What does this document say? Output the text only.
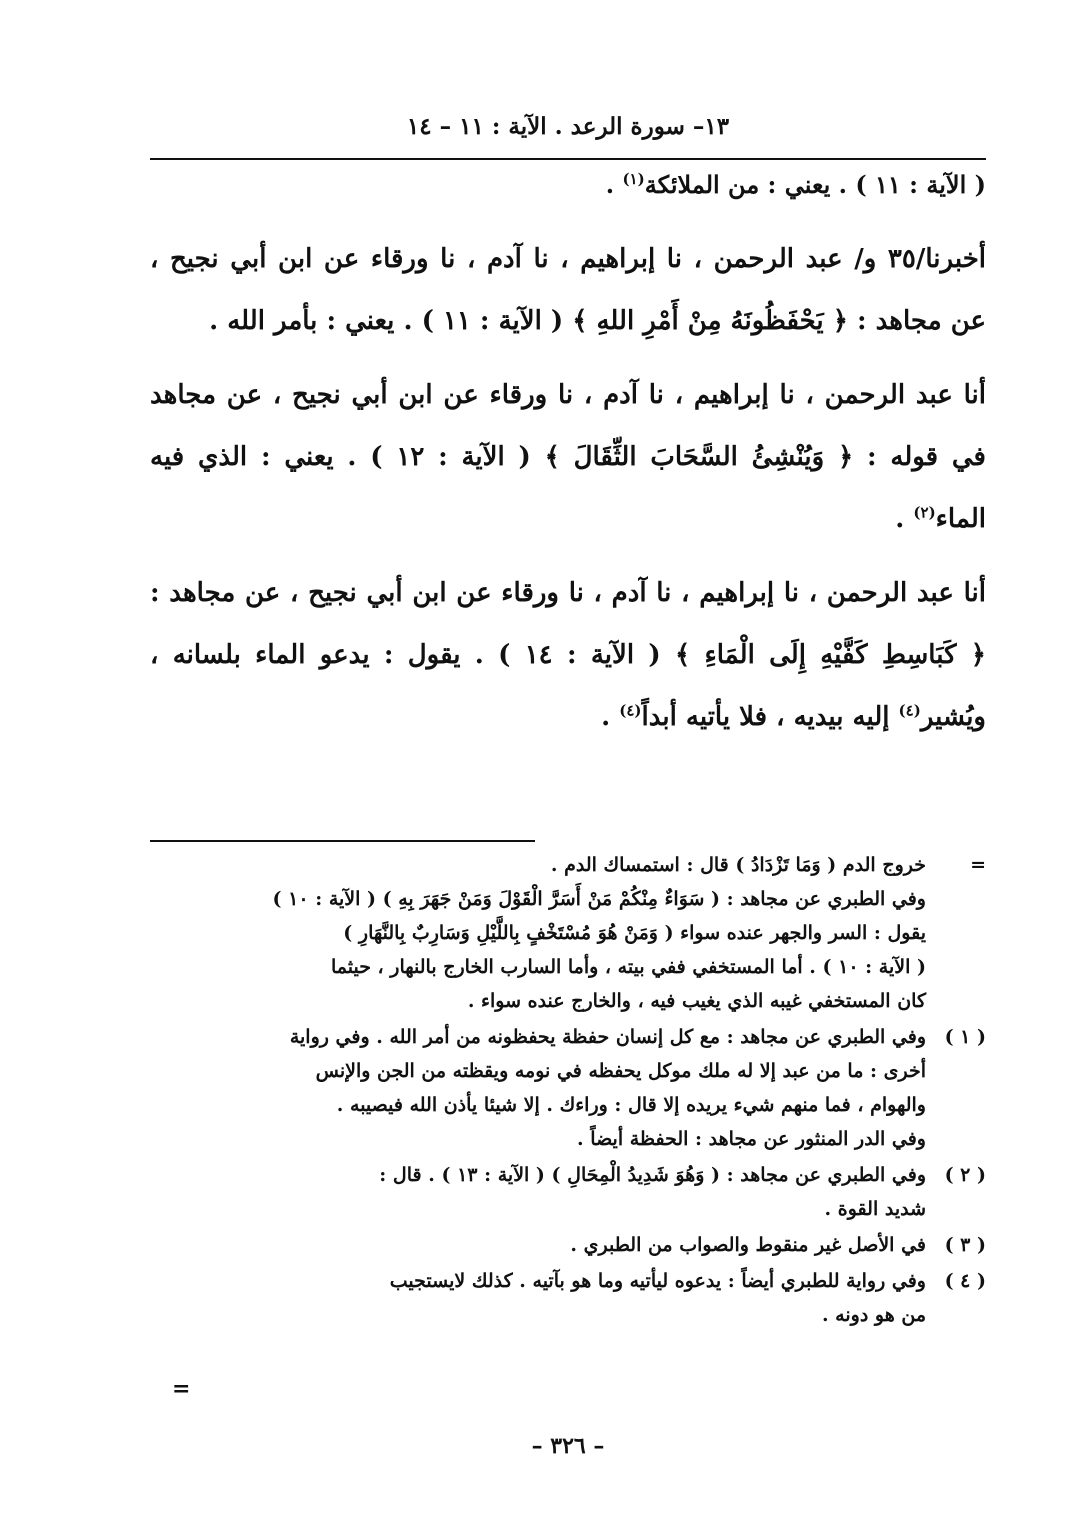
١٣– سورة الرعد . الآية : ١١ – ١٤
( الآية : ١١ ) . يعني : من الملائكة$^{(١)}$ .

أخبرنا/٣٥ و/ عبد الرحمن ، نا إبراهيم ، نا آدم ، نا ورقاء عن ابن أبي نجيح ، عن مجاهد : ﴿ يَحْفَظُونَهُ مِنْ أَمْرِ اللهِ ﴾ ( الآية : ١١ ) . يعني : بأمر الله .

أنا عبد الرحمن ، نا إبراهيم ، نا آدم ، نا ورقاء عن ابن أبي نجيح ، عن مجاهد في قوله : ﴿ وَيُنْشِئُ السَّحَابَ الثِّقَالَ ﴾ ( الآية : ١٢ ) . يعني : الذي فيه الماء$^{(٢)}$ .

أنا عبد الرحمن ، نا إبراهيم ، نا آدم ، نا ورقاء عن ابن أبي نجيح ، عن مجاهد : ﴿ كَبَاسِطِ كَفَّيْهِ إِلَى الْمَاءِ ﴾ ( الآية : ١٤ ) . يقول : يدعو الماء بلسانه ، ويُشير$^{(٤)}$ إليه بيديه ، فلا يأتيه أبداً$^{(٤)}$ .

=
خروج الدم ( وَمَا تَزْدَادُ ) قال : استمساك الدم .
وفي الطبري عن مجاهد : ( سَوَاءٌ مِنْكُمْ مَنْ أَسَرَّ الْقَوْلَ وَمَنْ جَهَرَ بِهِ ) ( الآية : ١٠ )
يقول : السر والجهر عنده سواء ( وَمَنْ هُوَ مُسْتَخْفٍ بِاللَّيْلِ وَسَارِبٌ بِالنَّهَارِ )
( الآية : ١٠ ) . أما المستخفي ففي بيته ، وأما السارب الخارج بالنهار ، حيثما
كان المستخفي غيبه الذي يغيب فيه ، والخارج عنده سواء .
( ١ )
وفي الطبري عن مجاهد : مع كل إنسان حفظة يحفظونه من أمر الله . وفي رواية
أخرى : ما من عبد إلا له ملك موكل يحفظه في نومه ويقظته من الجن والإنس
والهوام ، فما منهم شيء يريده إلا قال : وراءك . إلا شيئا يأذن الله فيصيبه .
وفي الدر المنثور عن مجاهد : الحفظة أيضاً .
( ٢ )
وفي الطبري عن مجاهد : ( وَهُوَ شَدِيدُ الْمِحَالِ ) ( الآية : ١٣ ) . قال :
شديد القوة .
( ٣ )
في الأصل غير منقوط والصواب من الطبري .
( ٤ )
وفي رواية للطبري أيضاً : يدعوه ليأتيه وما هو بآتيه . كذلك لايستجيب
من هو دونه .
=
– ٣٢٦ –
